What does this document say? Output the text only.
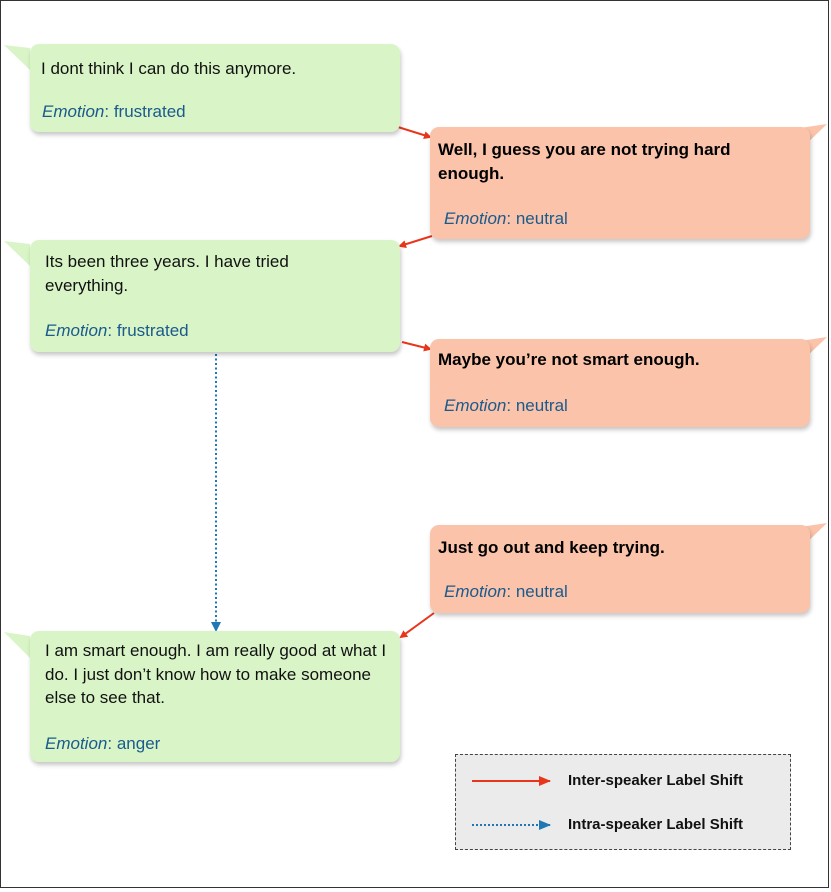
I dont think I can do this anymore.
Emotion: frustrated
Well, I guess you are not trying hard enough.
Emotion: neutral
Its been three years. I have tried everything.
Emotion: frustrated
Maybe you’re not smart enough.
Emotion: neutral
Just go out and keep trying.
Emotion: neutral
I am smart enough. I am really good at what I do. I just don’t know how to make someone else to see that.
Emotion: anger
Inter-speaker Label Shift
Intra-speaker Label Shift
